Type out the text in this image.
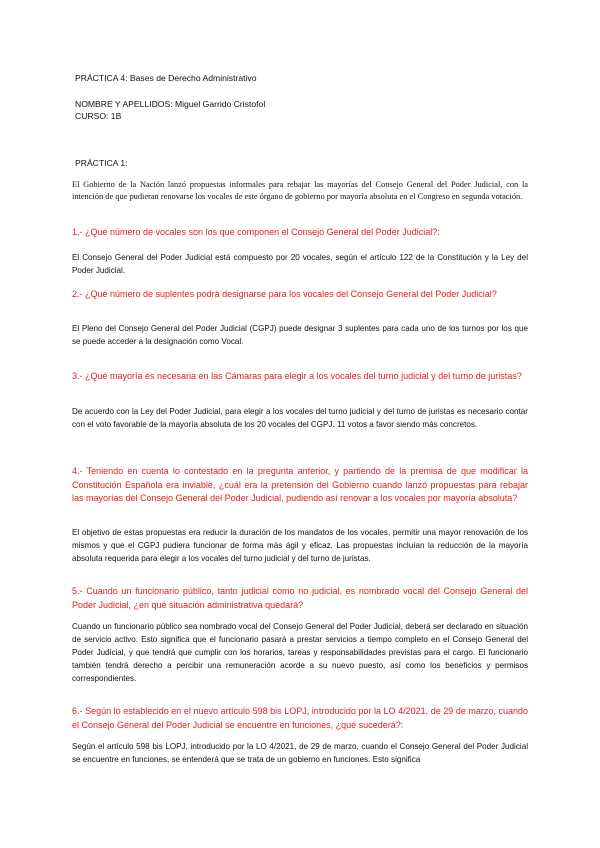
PRÁCTICA 4: Bases de Derecho Administrativo

NOMBRE Y APELLIDOS: Miguel Garrido Cristofol

CURSO: 1B

PRÁCTICA 1:

El Gobierno de la Nación lanzó propuestas informales para rebajar las mayorías del Consejo General del Poder Judicial, con la intención de que pudieran renovarse los vocales de este órgano de gobierno por mayoría absoluta en el Congreso en segunda votación.

1.- ¿Qué número de vocales son los que componen el Consejo General del Poder Judicial?:

El Consejo General del Poder Judicial está compuesto por 20 vocales, según el artículo 122 de la Constitución y la Ley del Poder Judicial.

2.- ¿Qué número de suplentes podrá designarse para los vocales del Consejo General del Poder Judicial?

El Pleno del Consejo General del Poder Judicial (CGPJ) puede designar 3 suplentes para cada uno de los turnos por los que se puede acceder a la designación como Vocal.

3.- ¿Qué mayoría es necesaria en las Cámaras para elegir a los vocales del turno judicial y del turno de juristas?

De acuerdo con la Ley del Poder Judicial, para elegir a los vocales del turno judicial y del turno de juristas es necesario contar con el voto favorable de la mayoría absoluta de los 20 vocales del CGPJ. 11 votos a favor siendo más concretos.

4.- Teniendo en cuenta lo contestado en la pregunta anterior, y partiendo de la premisa de que modificar la Constitución Española era inviable, ¿cuál era la pretensión del Gobierno cuando lanzó propuestas para rebajar las mayorías del Consejo General del Poder Judicial, pudiendo así renovar a los vocales por mayoría absoluta?

El objetivo de estas propuestas era reducir la duración de los mandatos de los vocales, permitir una mayor renovación de los mismos y que el CGPJ pudiera funcionar de forma más ágil y eficaz. Las propuestas incluían la reducción de la mayoría absoluta requerida para elegir a los vocales del turno judicial y del turno de juristas.

5.- Cuando un funcionario público, tanto judicial como no judicial, es nombrado vocal del Consejo General del Poder Judicial, ¿en qué situación administrativa quedará?

Cuando un funcionario público sea nombrado vocal del Consejo General del Poder Judicial, deberá ser declarado en situación de servicio activo. Esto significa que el funcionario pasará a prestar servicios a tiempo completo en el Consejo General del Poder Judicial, y que tendrá que cumplir con los horarios, tareas y responsabilidades previstas para el cargo. El funcionario también tendrá derecho a percibir una remuneración acorde a su nuevo puesto, así como los beneficios y permisos correspondientes.

6.- Según lo establecido en el nuevo artículo 598 bis LOPJ, introducido por la LO 4/2021, de 29 de marzo, cuando el Consejo General del Poder Judicial se encuentre en funciones, ¿qué sucederá?:

Según el artículo 598 bis LOPJ, introducido por la LO 4/2021, de 29 de marzo, cuando el Consejo General del Poder Judicial se encuentre en funciones, se entenderá que se trata de un gobierno en funciones. Esto significa
